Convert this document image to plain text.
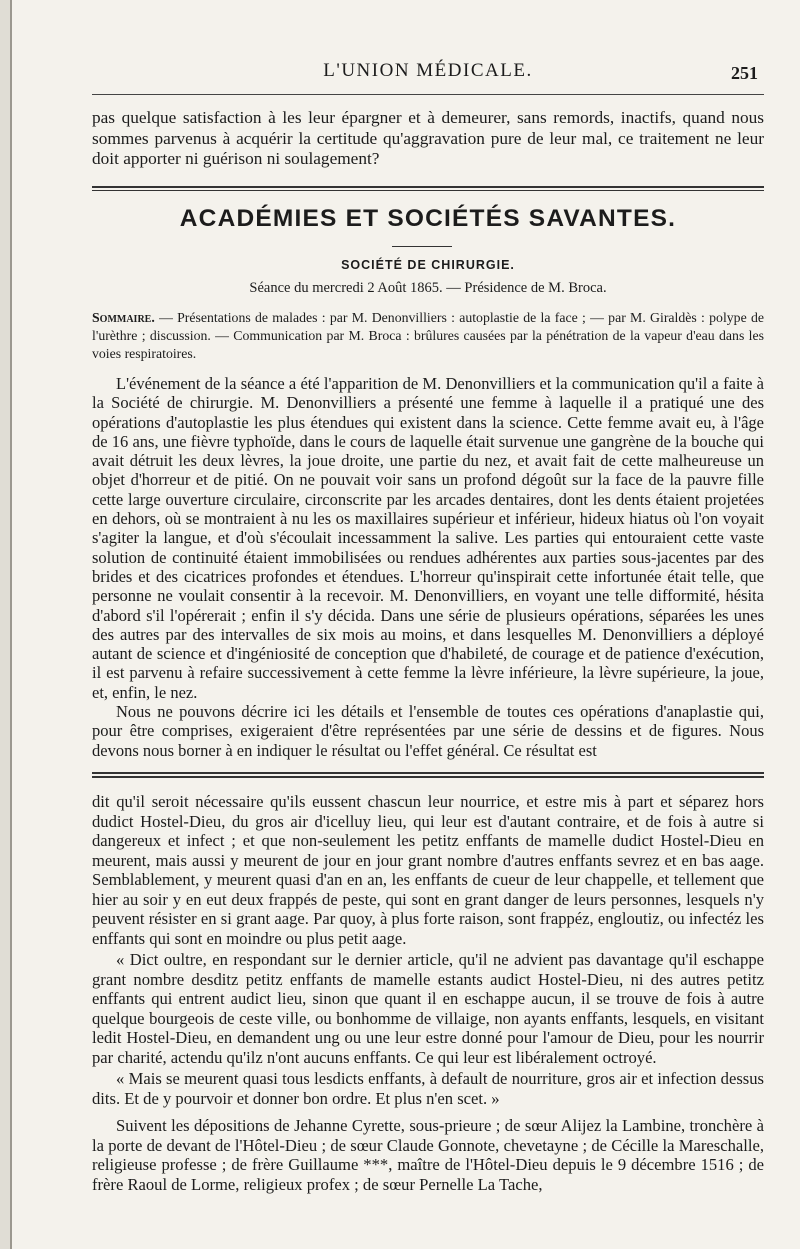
L'UNION MÉDICALE.	251
pas quelque satisfaction à les leur épargner et à demeurer, sans remords, inactifs, quand nous sommes parvenus à acquérir la certitude qu'aggravation pure de leur mal, ce traitement ne leur doit apporter ni guérison ni soulagement?
ACADÉMIES ET SOCIÉTÉS SAVANTES.
SOCIÉTÉ DE CHIRURGIE.
Séance du mercredi 2 Août 1865. — Présidence de M. Broca.
Sommaire. — Présentations de malades : par M. Denonvilliers : autoplastie de la face ; — par M. Giraldès : polype de l'urèthre ; discussion. — Communication par M. Broca : brûlures causées par la pénétration de la vapeur d'eau dans les voies respiratoires.

L'événement de la séance a été l'apparition de M. Denonvilliers et la communication qu'il a faite à la Société de chirurgie. M. Denonvilliers a présenté une femme à laquelle il a pratiqué une des opérations d'autoplastie les plus étendues qui existent dans la science. Cette femme avait eu, à l'âge de 16 ans, une fièvre typhoïde, dans le cours de laquelle était survenue une gangrène de la bouche qui avait détruit les deux lèvres, la joue droite, une partie du nez, et avait fait de cette malheureuse un objet d'horreur et de pitié. On ne pouvait voir sans un profond dégoût sur la face de la pauvre fille cette large ouverture circulaire, circonscrite par les arcades dentaires, dont les dents étaient projetées en dehors, où se montraient à nu les os maxillaires supérieur et inférieur, hideux hiatus où l'on voyait s'agiter la langue, et d'où s'écoulait incessamment la salive. Les parties qui entouraient cette vaste solution de continuité étaient immobilisées ou rendues adhérentes aux parties sous-jacentes par des brides et des cicatrices profondes et étendues. L'horreur qu'inspirait cette infortunée était telle, que personne ne voulait consentir à la recevoir. M. Denonvilliers, en voyant une telle difformité, hésita d'abord s'il l'opérerait ; enfin il s'y décida. Dans une série de plusieurs opérations, séparées les unes des autres par des intervalles de six mois au moins, et dans lesquelles M. Denonvilliers a déployé autant de science et d'ingéniosité de conception que d'habileté, de courage et de patience d'exécution, il est parvenu à refaire successivement à cette femme la lèvre inférieure, la lèvre supérieure, la joue, et, enfin, le nez.

Nous ne pouvons décrire ici les détails et l'ensemble de toutes ces opérations d'anaplastie qui, pour être comprises, exigeraient d'être représentées par une série de dessins et de figures. Nous devons nous borner à en indiquer le résultat ou l'effet général. Ce résultat est

dit qu'il seroit nécessaire qu'ils eussent chascun leur nourrice, et estre mis à part et séparez hors dudict Hostel-Dieu, du gros air d'icelluy lieu, qui leur est d'autant contraire, et de fois à autre si dangereux et infect ; et que non-seulement les petitz enffants de mamelle dudict Hostel-Dieu en meurent, mais aussi y meurent de jour en jour grant nombre d'autres enffants sevrez et en bas aage. Semblablement, y meurent quasi d'an en an, les enffants de cueur de leur chappelle, et tellement que hier au soir y en eut deux frappés de peste, qui sont en grant danger de leurs personnes, lesquels n'y peuvent résister en si grant aage. Par quoy, à plus forte raison, sont frappéz, engloutiz, ou infectéz les enffants qui sont en moindre ou plus petit aage.

« Dict oultre, en respondant sur le dernier article, qu'il ne advient pas davantage qu'il eschappe grant nombre desditz petitz enffants de mamelle estants audict Hostel-Dieu, ni des autres petitz enffants qui entrent audict lieu, sinon que quant il en eschappe aucun, il se trouve de fois à autre quelque bourgeois de ceste ville, ou bonhomme de villaige, non ayants enffants, lesquels, en visitant ledit Hostel-Dieu, en demandent ung ou une leur estre donné pour l'amour de Dieu, pour les nourrir par charité, actendu qu'ilz n'ont aucuns enffants. Ce qui leur est libéralement octroyé.

« Mais se meurent quasi tous lesdicts enffants, à default de nourriture, gros air et infection dessus dits. Et de y pourvoir et donner bon ordre. Et plus n'en scet. »

Suivent les dépositions de Jehanne Cyrette, sous-prieure ; de sœur Alijez la Lambine, tronchère à la porte de devant de l'Hôtel-Dieu ; de sœur Claude Gonnote, chevetayne ; de Cécille la Mareschalle, religieuse professe ; de frère Guillaume ***, maître de l'Hôtel-Dieu depuis le 9 décembre 1516 ; de frère Raoul de Lorme, religieux profex ; de sœur Pernelle La Tache,
